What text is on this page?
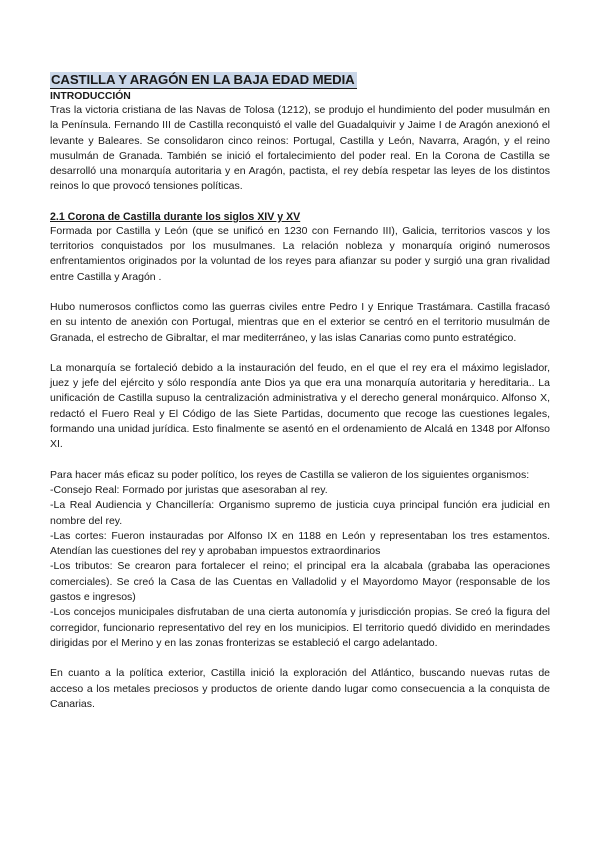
CASTILLA Y ARAGÓN EN LA BAJA EDAD MEDIA
INTRODUCCIÓN

Tras la victoria cristiana de las Navas de Tolosa (1212), se produjo el hundimiento del poder musulmán en la Península. Fernando III de Castilla reconquistó el valle del Guadalquivir y Jaime I de Aragón anexionó el levante y Baleares. Se consolidaron cinco reinos: Portugal, Castilla y León, Navarra, Aragón, y el reino musulmán de Granada. También se inició el fortalecimiento del poder real. En la Corona de Castilla se desarrolló una monarquía autoritaria y en Aragón, pactista, el rey debía respetar las leyes de los distintos reinos lo que provocó tensiones políticas.

2.1 Corona de Castilla durante los siglos XIV y XV

Formada por Castilla y León (que se unificó en 1230 con Fernando III), Galicia, territorios vascos y los territorios conquistados por los musulmanes. La relación nobleza y monarquía originó numerosos enfrentamientos originados por la voluntad de los reyes para afianzar su poder y surgió una gran rivalidad entre Castilla y Aragón .

Hubo numerosos conflictos como las guerras civiles entre Pedro I y Enrique Trastámara. Castilla fracasó en su intento de anexión con Portugal, mientras que en el exterior se centró en el territorio musulmán de Granada, el estrecho de Gibraltar, el mar mediterráneo, y las islas Canarias como punto estratégico.

La monarquía se fortaleció debido a la instauración del feudo, en el que el rey era el máximo legislador, juez y jefe del ejército y sólo respondía ante Dios ya que era una monarquía autoritaria y hereditaria.. La unificación de Castilla supuso la centralización administrativa y el derecho general monárquico. Alfonso X, redactó el Fuero Real y El Código de las Siete Partidas, documento que recoge las cuestiones legales, formando una unidad jurídica. Esto finalmente se asentó en el ordenamiento de Alcalá en 1348 por Alfonso XI.

Para hacer más eficaz su poder político, los reyes de Castilla se valieron de los siguientes organismos:

-Consejo Real: Formado por juristas que asesoraban al rey.

-La Real Audiencia y Chancillería: Organismo supremo de justicia cuya principal función era judicial en nombre del rey.

-Las cortes: Fueron instauradas por Alfonso IX en 1188 en León y representaban los tres estamentos. Atendían las cuestiones del rey y aprobaban impuestos extraordinarios

-Los tributos: Se crearon para fortalecer el reino; el principal era la alcabala (grababa las operaciones comerciales). Se creó la Casa de las Cuentas en Valladolid y el Mayordomo Mayor (responsable de los gastos e ingresos)

-Los concejos municipales disfrutaban de una cierta autonomía y jurisdicción propias. Se creó la figura del corregidor, funcionario representativo del rey en los municipios. El territorio quedó dividido en merindades dirigidas por el Merino y en las zonas fronterizas se estableció el cargo adelantado.

En cuanto a la política exterior, Castilla inició la exploración del Atlántico, buscando nuevas rutas de acceso a los metales preciosos y productos de oriente dando lugar como consecuencia a la conquista de Canarias.
